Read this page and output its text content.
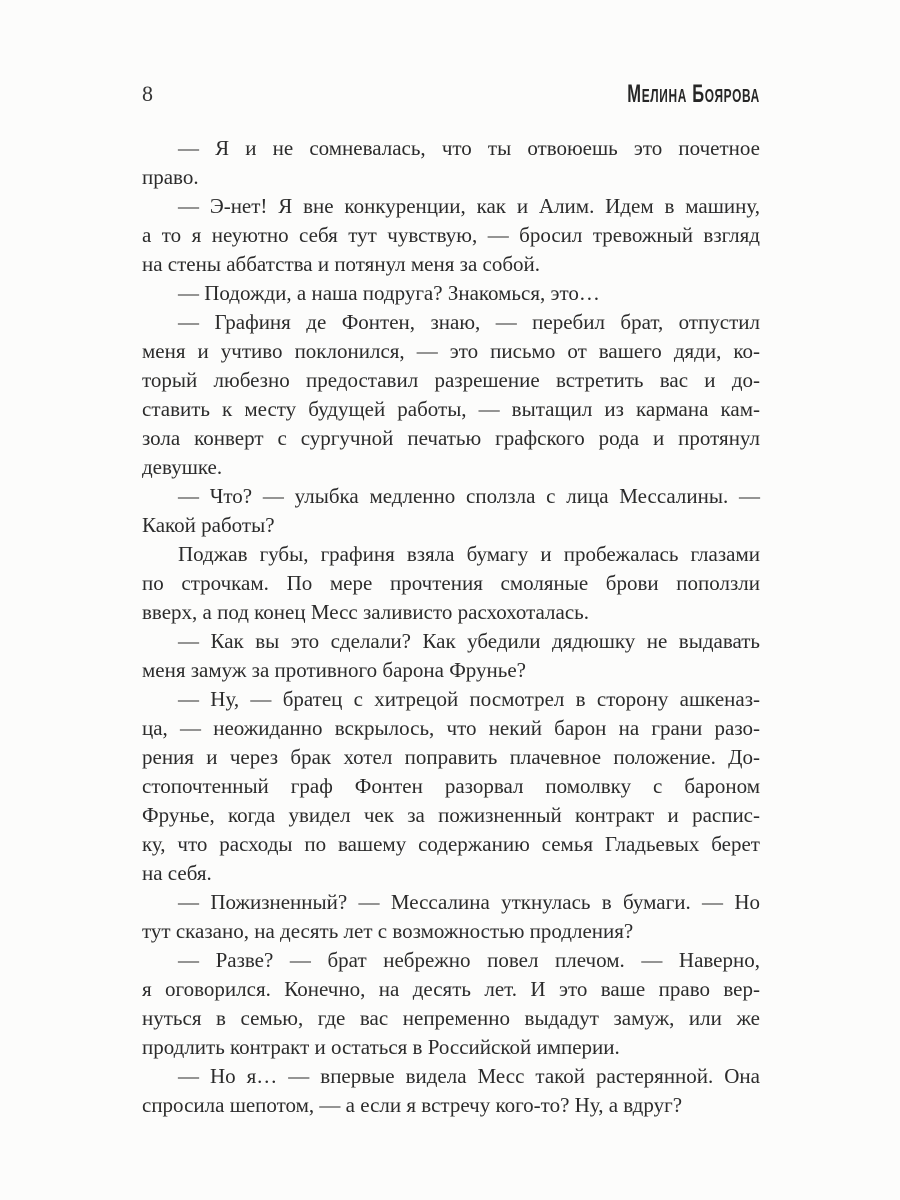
8	Мелина Боярова
— Я и не сомневалась, что ты отвоюешь это почетное
право.
— Э-нет! Я вне конкуренции, как и Алим. Идем в машину,
а то я неуютно себя тут чувствую, — бросил тревожный взгляд
на стены аббатства и потянул меня за собой.
— Подожди, а наша подруга? Знакомься, это…
— Графиня де Фонтен, знаю, — перебил брат, отпустил
меня и учтиво поклонился, — это письмо от вашего дяди, ко-
торый любезно предоставил разрешение встретить вас и до-
ставить к месту будущей работы, — вытащил из кармана кам-
зола конверт с сургучной печатью графского рода и протянул
девушке.
— Что? — улыбка медленно сползла с лица Мессалины. —
Какой работы?
Поджав губы, графиня взяла бумагу и пробежалась глазами
по строчкам. По мере прочтения смоляные брови поползли
вверх, а под конец Месс заливисто расхохоталась.
— Как вы это сделали? Как убедили дядюшку не выдавать
меня замуж за противного барона Фрунье?
— Ну, — братец с хитрецой посмотрел в сторону ашкеназ-
ца, — неожиданно вскрылось, что некий барон на грани разо-
рения и через брак хотел поправить плачевное положение. До-
стопочтенный граф Фонтен разорвал помолвку с бароном
Фрунье, когда увидел чек за пожизненный контракт и распис-
ку, что расходы по вашему содержанию семья Гладьевых берет
на себя.
— Пожизненный? — Мессалина уткнулась в бумаги. — Но
тут сказано, на десять лет с возможностью продления?
— Разве? — брат небрежно повел плечом. — Наверно,
я оговорился. Конечно, на десять лет. И это ваше право вер-
нуться в семью, где вас непременно выдадут замуж, или же
продлить контракт и остаться в Российской империи.
— Но я… — впервые видела Месс такой растерянной. Она
спросила шепотом, — а если я встречу кого-то? Ну, а вдруг?
